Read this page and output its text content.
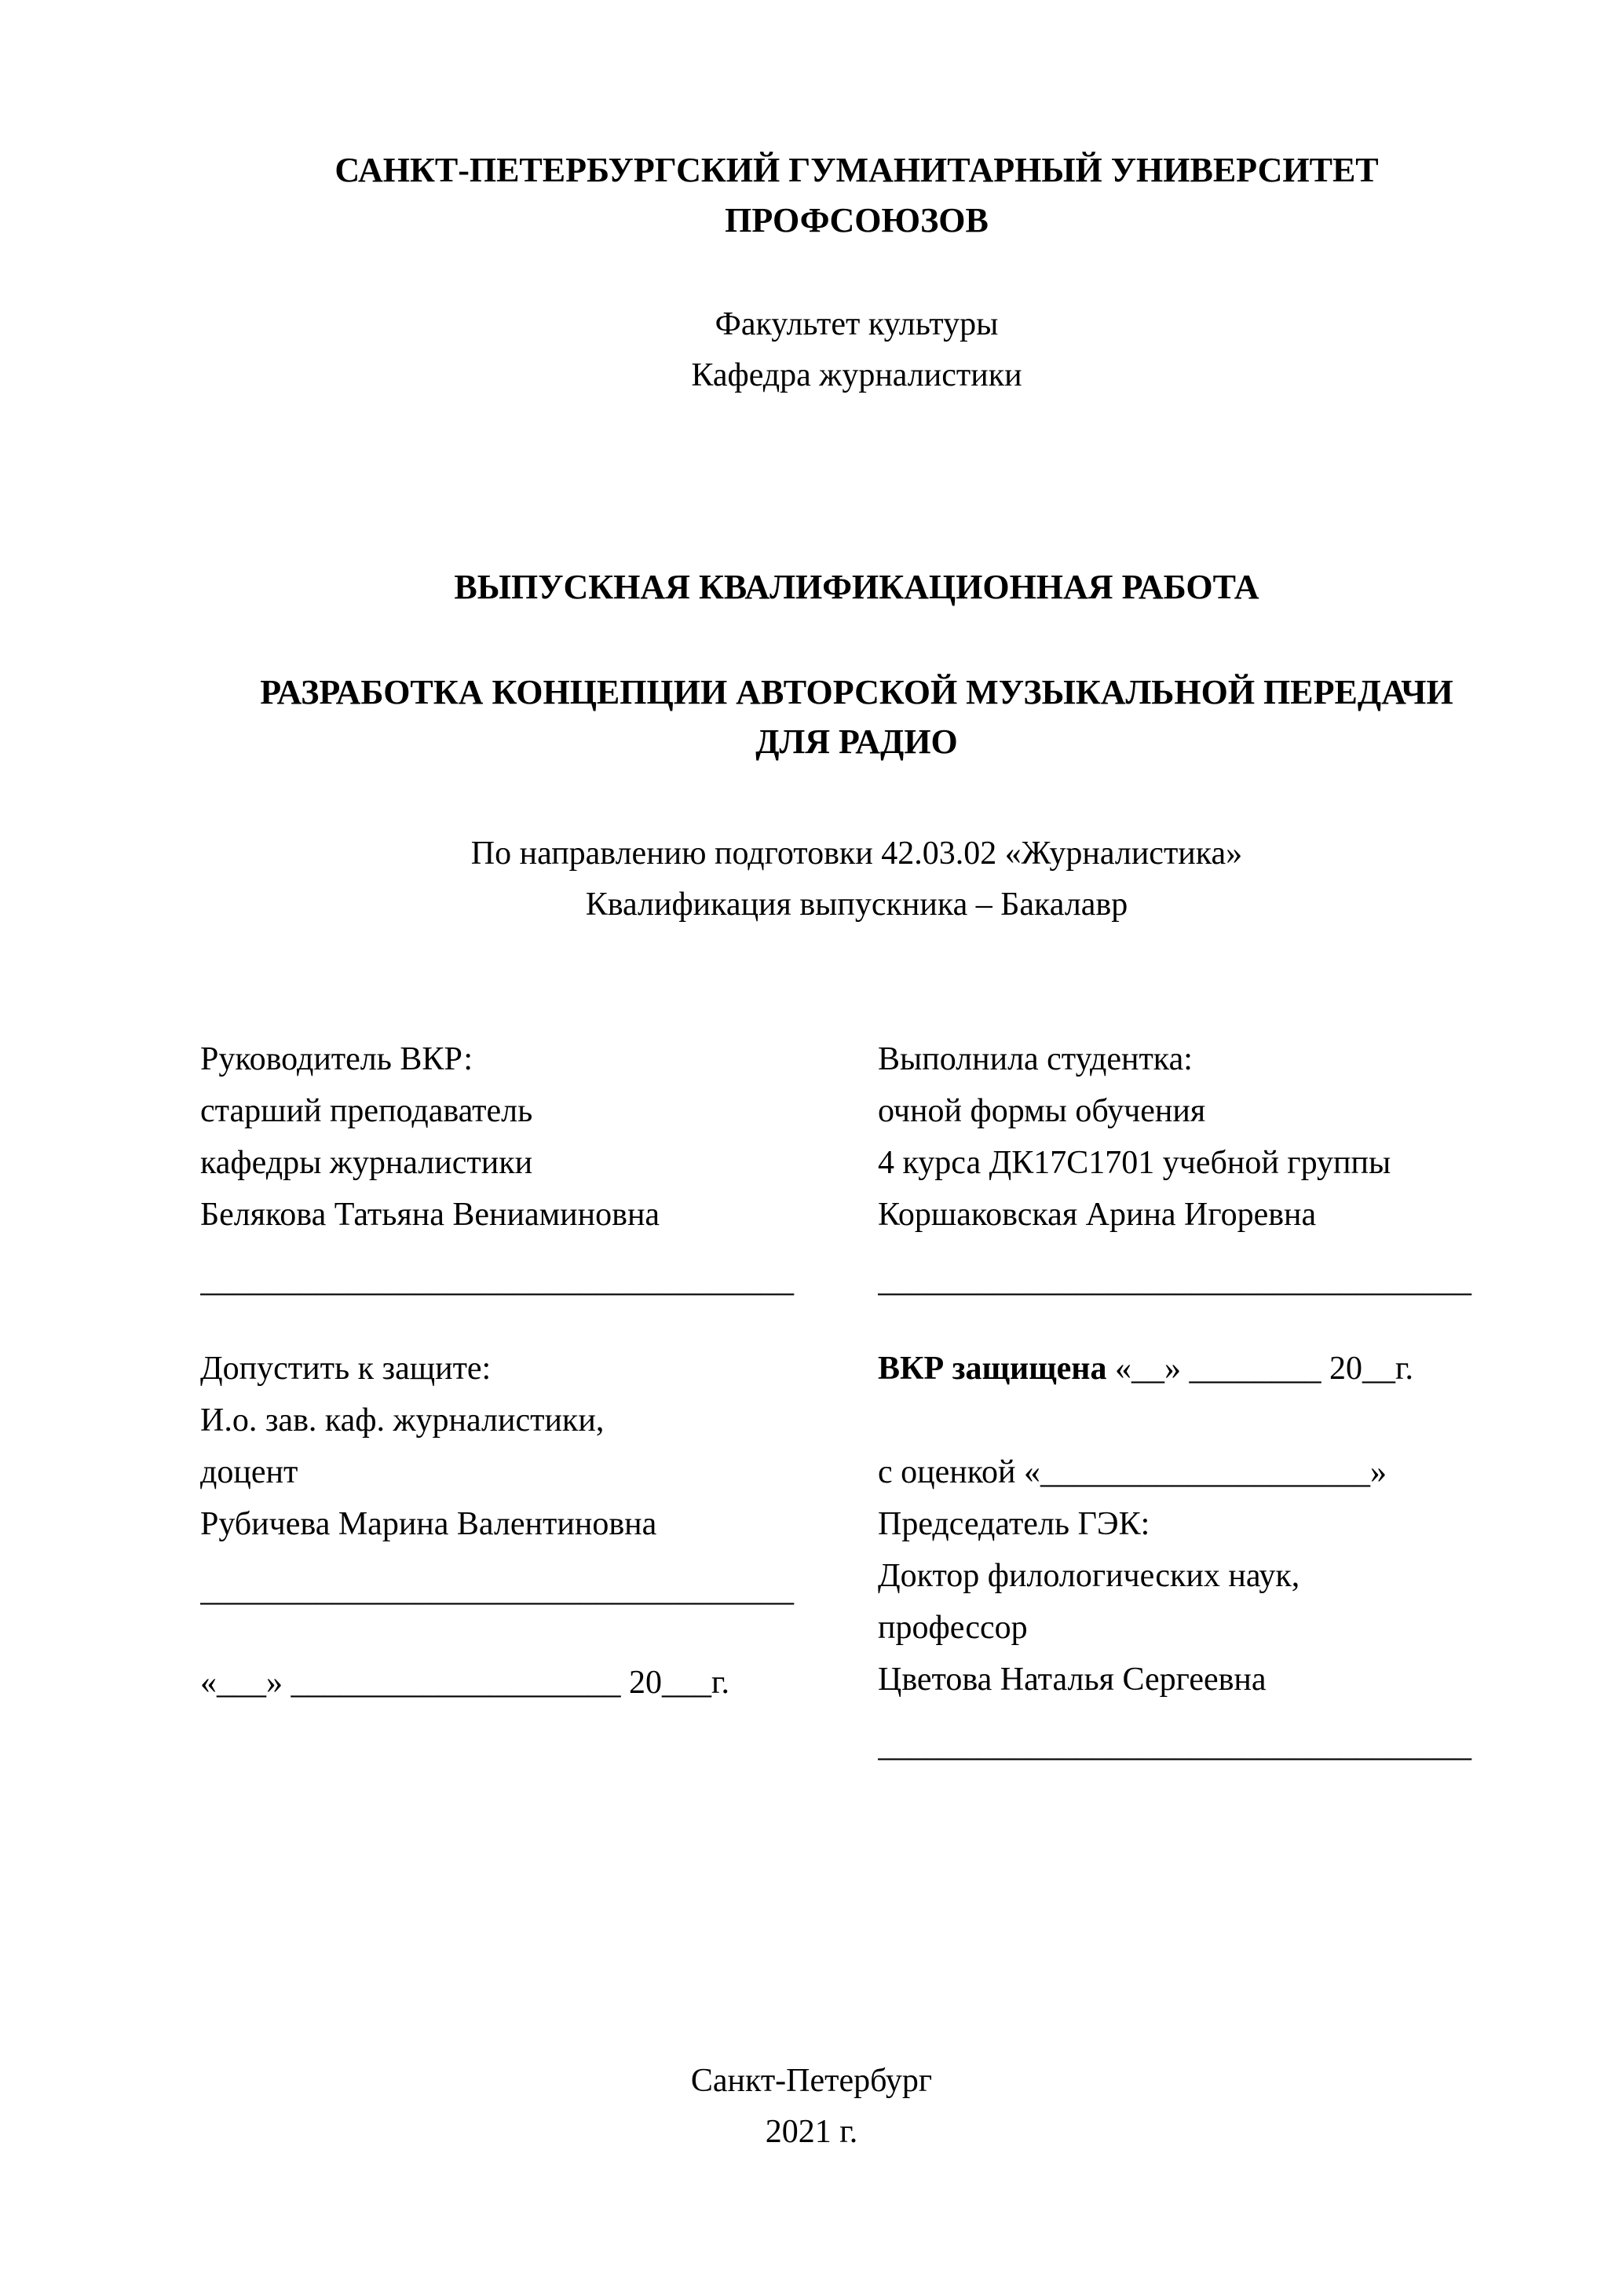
САНКТ-ПЕТЕРБУРГСКИЙ ГУМАНИТАРНЫЙ УНИВЕРСИТЕТ
ПРОФСОЮЗОВ
Факультет культуры
Кафедра журналистики
ВЫПУСКНАЯ КВАЛИФИКАЦИОННАЯ РАБОТА
РАЗРАБОТКА КОНЦЕПЦИИ АВТОРСКОЙ МУЗЫКАЛЬНОЙ ПЕРЕДАЧИ
ДЛЯ РАДИО
По направлению подготовки 42.03.02 «Журналистика»
Квалификация выпускника – Бакалавр
Руководитель ВКР:
старший преподаватель
кафедры журналистики
Белякова Татьяна Вениаминовна
____________________________________
Допустить к защите:
И.о. зав. каф. журналистики,
доцент
Рубичева Марина Валентиновна
____________________________________
«___» ____________________ 20___г.
Выполнила студентка:
очной формы обучения
4 курса ДК17С1701 учебной группы
Коршаковская Арина Игоревна
____________________________________
ВКР защищена «__» ________ 20__г.
с оценкой «____________________»
Председатель ГЭК:
Доктор филологических наук,
профессор
Цветова Наталья Сергеевна
____________________________________
Санкт-Петербург
2021 г.
